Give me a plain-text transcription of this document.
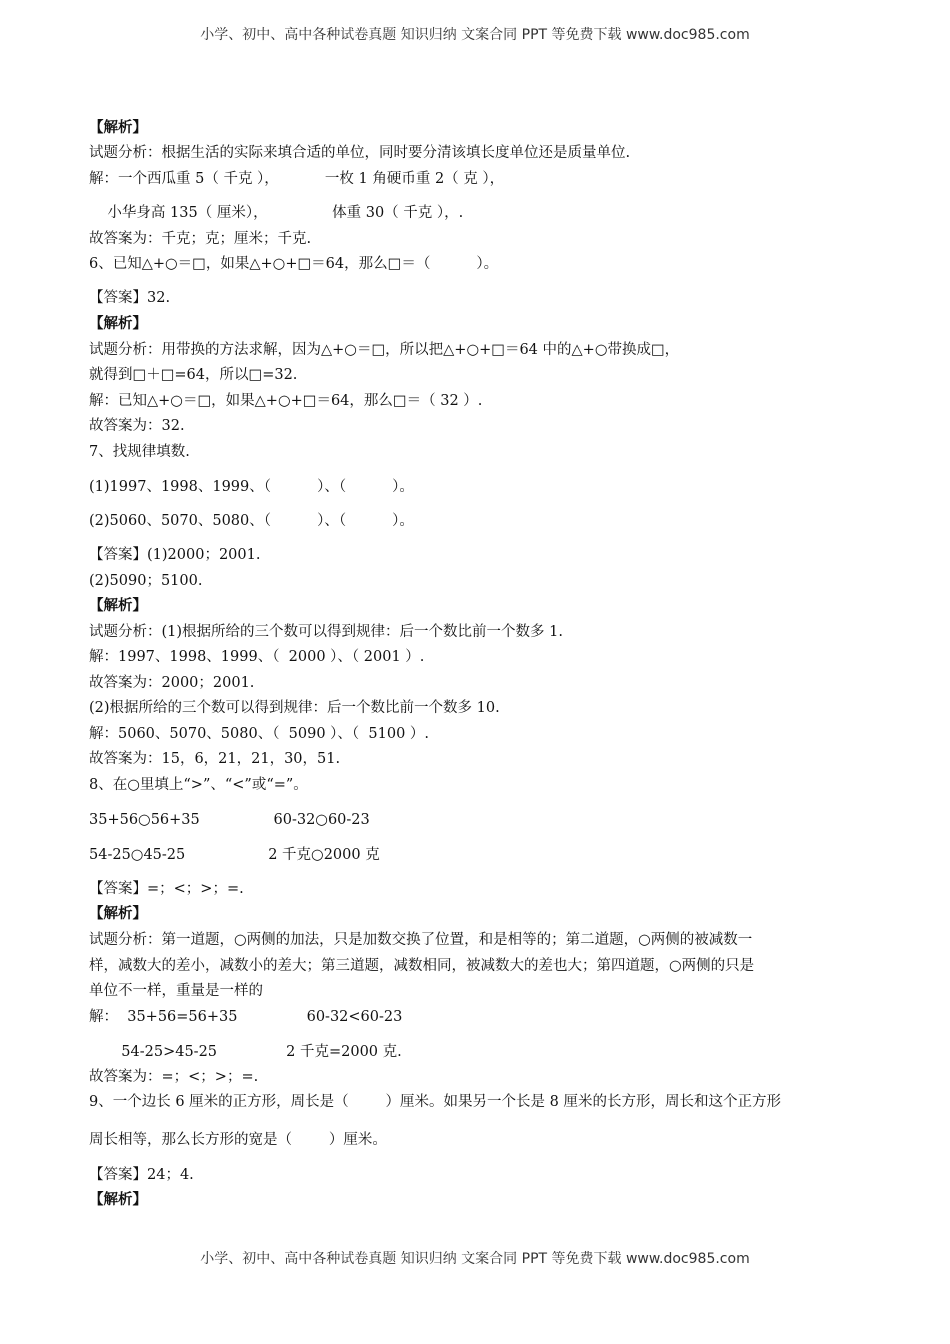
小学、初中、高中各种试卷真题 知识归纳 文案合同 PPT 等免费下载 www.doc985.com
【解析】
试题分析：根据生活的实际来填合适的单位，同时要分清该填长度单位还是质量单位.
解：一个西瓜重 5（ 千克 ），          一枚 1 角硬币重 2（ 克 ），
小华身高 135（ 厘米），              体重 30（ 千克 ），.
故答案为：千克；克；厘米；千克.
6、已知△+○＝□，如果△+○+□＝64，那么□＝（          ）。
【答案】32.
【解析】
试题分析：用带换的方法求解，因为△+○＝□，所以把△+○+□＝64 中的△+○带换成□，
就得到□＋□=64，所以□=32.
解：已知△+○＝□，如果△+○+□＝64，那么□＝（ 32 ）.
故答案为：32.
7、找规律填数.
(1)1997、1998、1999、（          ）、（          ）。
(2)5060、5070、5080、（          ）、（          ）。
【答案】(1)2000；2001.
(2)5090；5100.
【解析】
试题分析：(1)根据所给的三个数可以得到规律：后一个数比前一个数多 1.
解：1997、1998、1999、（  2000 ）、（ 2001 ）.
故答案为：2000；2001.
(2)根据所给的三个数可以得到规律：后一个数比前一个数多 10.
解：5060、5070、5080、（  5090 ）、（  5100 ）.
故答案为：15，6，21，21，30，51.
8、在○里填上“>”、“<”或“=”。
35+56○56+35                60-32○60-23
54-25○45-25                  2 千克○2000 克
【答案】=；<；>；=.
【解析】
试题分析：第一道题，○两侧的加法，只是加数交换了位置，和是相等的；第二道题，○两侧的被减数一
样，减数大的差小，减数小的差大；第三道题，减数相同，被减数大的差也大；第四道题，○两侧的只是
单位不一样，重量是一样的
解：  35+56=56+35               60-32<60-23
54-25>45-25               2 千克=2000 克.
故答案为：=；<；>；=.
9、一个边长 6 厘米的正方形，周长是（        ）厘米。如果另一个长是 8 厘米的长方形，周长和这个正方形
周长相等，那么长方形的宽是（        ）厘米。
【答案】24；4.
【解析】
小学、初中、高中各种试卷真题 知识归纳 文案合同 PPT 等免费下载 www.doc985.com
